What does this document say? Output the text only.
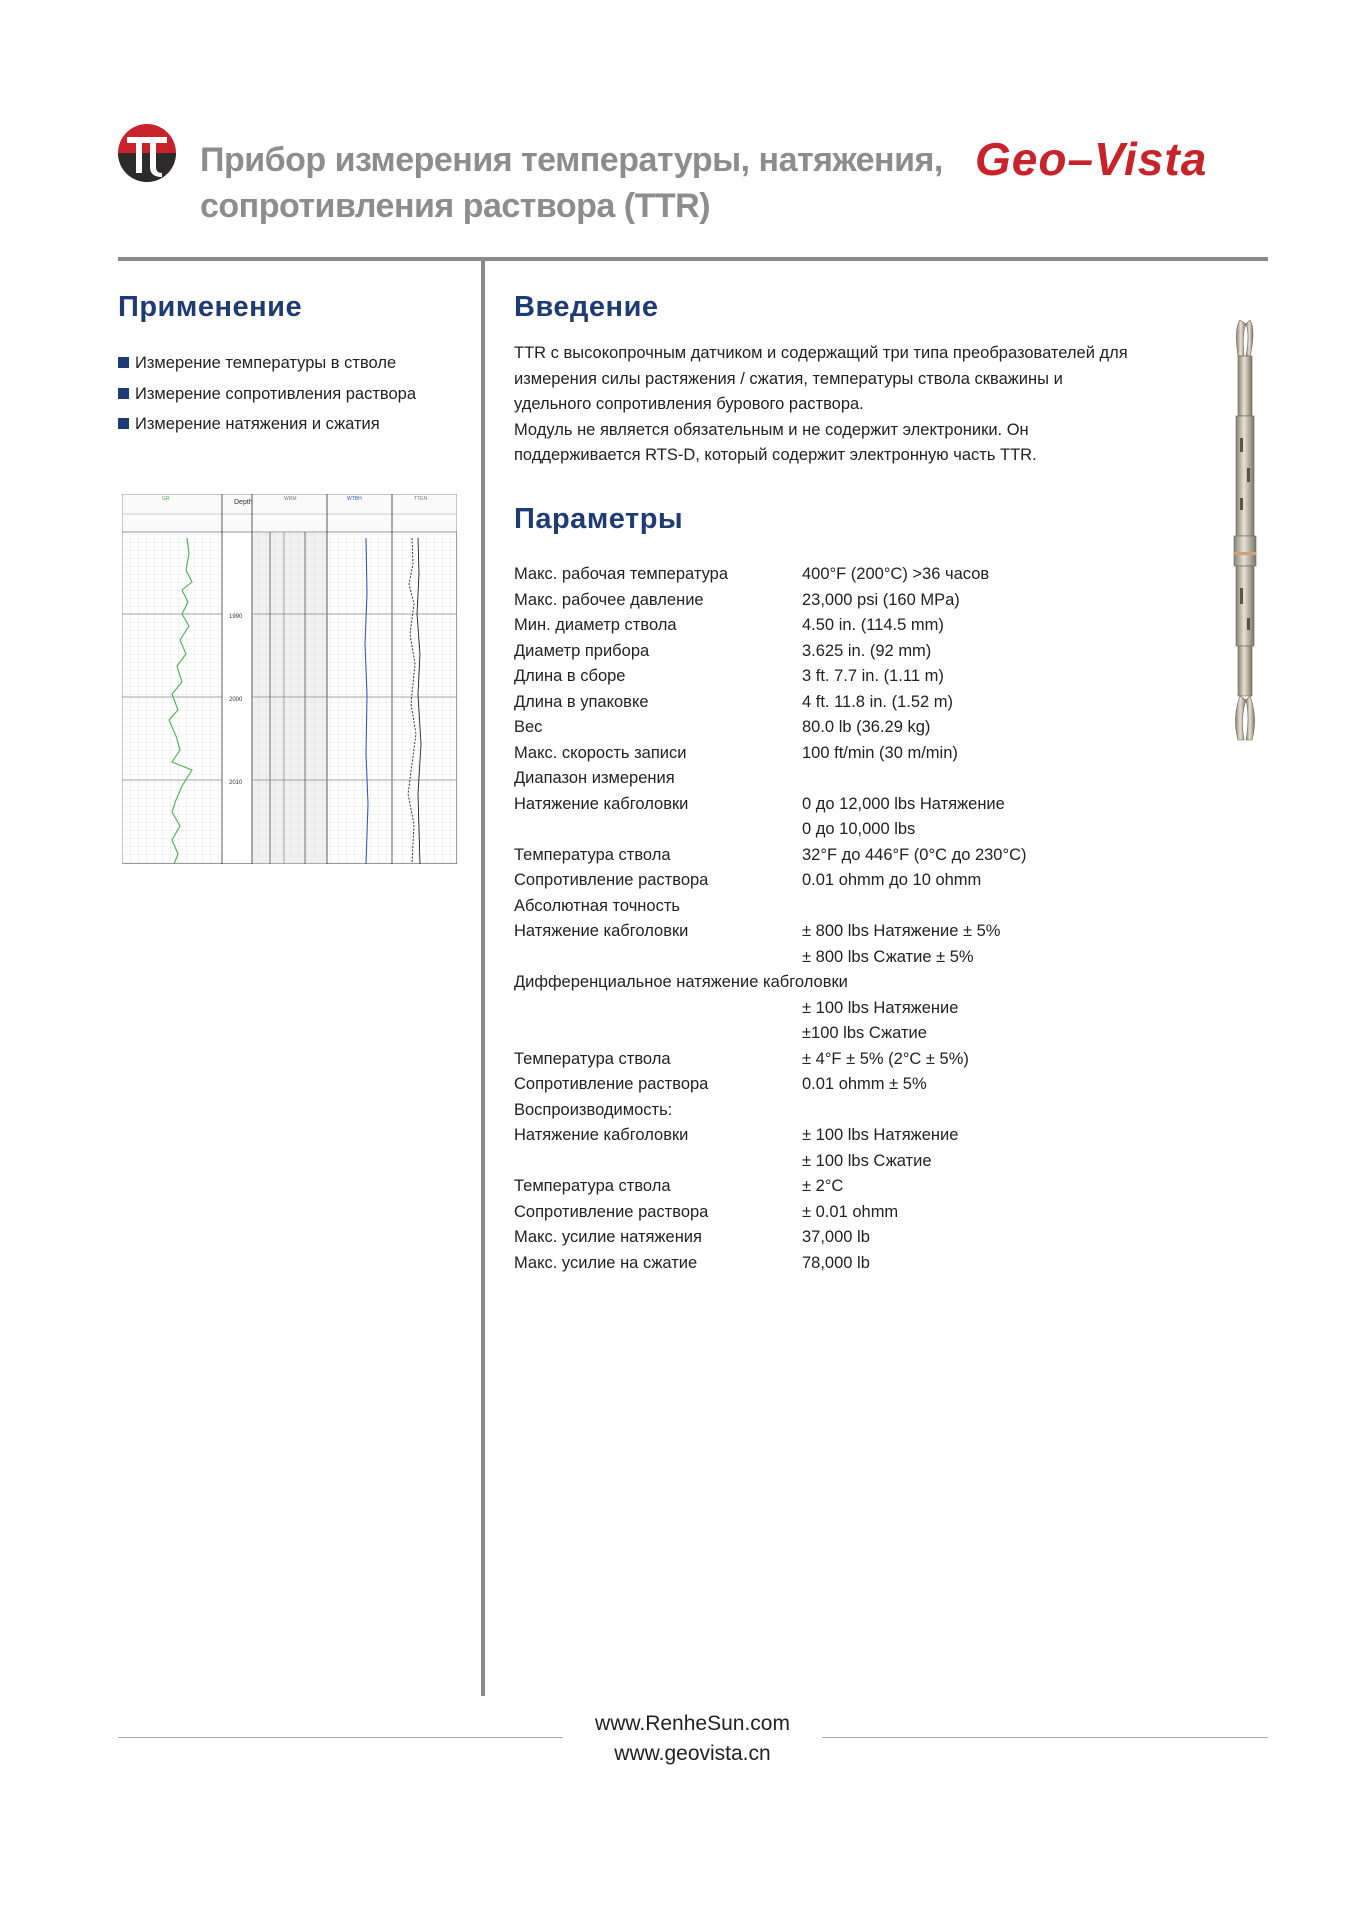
Прибор измерения температуры, натяжения,
сопротивления раствора (TTR)
Geo–Vista
Применение
Измерение температуры в стволе
Измерение сопротивления раствора
Измерение натяжения и сжатия
Depth
GR	WRM	WTBH	TTEN
1990
2000
2010
Введение
TTR с высокопрочным датчиком и содержащий три типа преобразователей для
измерения силы растяжения / сжатия, температуры ствола скважины и
удельного сопротивления бурового раствора.
Модуль не является обязательным и не содержит электроники. Он
поддерживается RTS-D, который содержит электронную часть TTR.
Параметры
Макс. рабочая температура	400°F (200°C) >36 часов
Макс. рабочее давление	23,000 psi (160 MPa)
Мин. диаметр ствола	4.50 in. (114.5 mm)
Диаметр прибора	3.625 in. (92 mm)
Длина в сборе	3 ft. 7.7 in. (1.11 m)
Длина в упаковке	4 ft. 11.8 in. (1.52 m)
Вес	80.0 lb (36.29 kg)
Макс. скорость записи	100 ft/min (30 m/min)
Диапазон измерения
Натяжение кабголовки	0 до 12,000 lbs Натяжение
0 до 10,000 lbs
Температура ствола	32°F до 446°F (0°C до 230°C)
Сопротивление раствора	0.01 ohmm до 10 ohmm
Абсолютная точность
Натяжение кабголовки	± 800 lbs Натяжение ± 5%
± 800 lbs Сжатие ± 5%
Дифференциальное натяжение кабголовки
± 100 lbs Натяжение
±100 lbs Сжатие
Температура ствола	± 4°F ± 5% (2°C ± 5%)
Сопротивление раствора	0.01 ohmm ± 5%
Воспроизводимость:
Натяжение кабголовки	± 100 lbs Натяжение
± 100 lbs Сжатие
Температура ствола	± 2°C
Сопротивление раствора	± 0.01 ohmm
Макс. усилие натяжения	37,000 lb
Макс. усилие на сжатие	78,000 lb
www.RenheSun.com
www.geovista.cn
